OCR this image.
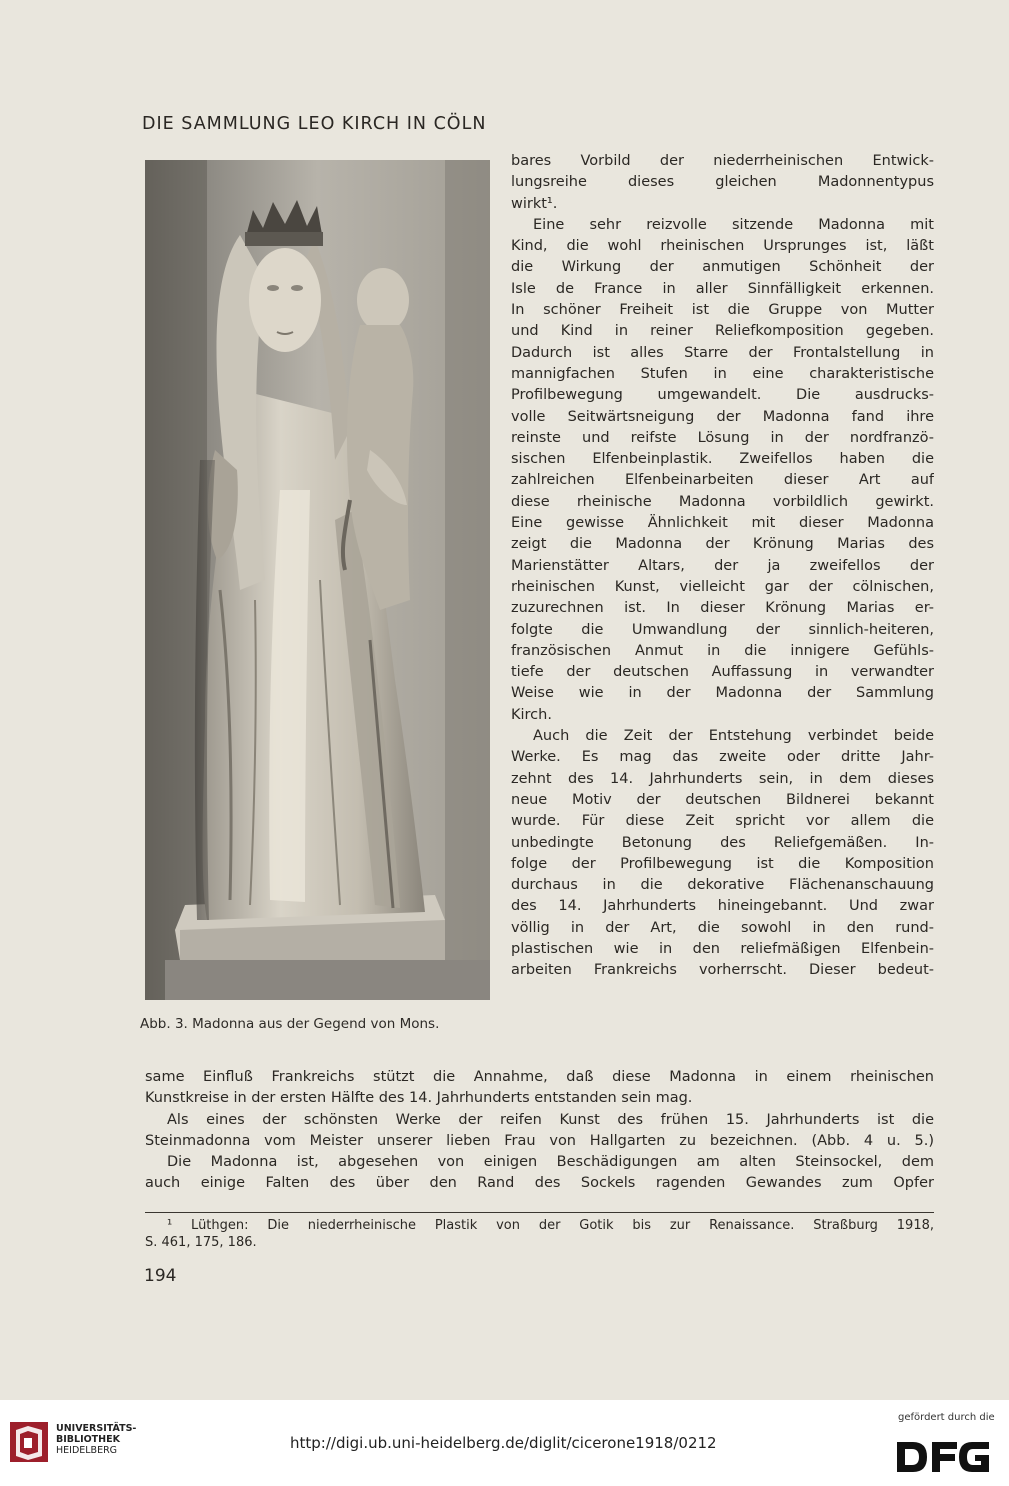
DIE SAMMLUNG LEO KIRCH IN CÖLN
Abb. 3. Madonna aus der Gegend von Mons.
bares Vorbild der niederrheinischen Entwick-
lungsreihe dieses gleichen Madonnentypus
wirkt¹.
Eine sehr reizvolle sitzende Madonna mit
Kind, die wohl rheinischen Ursprunges ist, läßt
die Wirkung der anmutigen Schönheit der
Isle de France in aller Sinnfälligkeit erkennen.
In schöner Freiheit ist die Gruppe von Mutter
und Kind in reiner Reliefkomposition gegeben.
Dadurch ist alles Starre der Frontalstellung in
mannigfachen Stufen in eine charakteristische
Profilbewegung umgewandelt. Die ausdrucks-
volle Seitwärtsneigung der Madonna fand ihre
reinste und reifste Lösung in der nordfranzö-
sischen Elfenbeinplastik. Zweifellos haben die
zahlreichen Elfenbeinarbeiten dieser Art auf
diese rheinische Madonna vorbildlich gewirkt.
Eine gewisse Ähnlichkeit mit dieser Madonna
zeigt die Madonna der Krönung Marias des
Marienstätter Altars, der ja zweifellos der
rheinischen Kunst, vielleicht gar der cölnischen,
zuzurechnen ist. In dieser Krönung Marias er-
folgte die Umwandlung der sinnlich-heiteren,
französischen Anmut in die innigere Gefühls-
tiefe der deutschen Auffassung in verwandter
Weise wie in der Madonna der Sammlung
Kirch.
Auch die Zeit der Entstehung verbindet beide
Werke. Es mag das zweite oder dritte Jahr-
zehnt des 14. Jahrhunderts sein, in dem dieses
neue Motiv der deutschen Bildnerei bekannt
wurde. Für diese Zeit spricht vor allem die
unbedingte Betonung des Reliefgemäßen. In-
folge der Profilbewegung ist die Komposition
durchaus in die dekorative Flächenanschauung
des 14. Jahrhunderts hineingebannt. Und zwar
völlig in der Art, die sowohl in den rund-
plastischen wie in den reliefmäßigen Elfenbein-
arbeiten Frankreichs vorherrscht. Dieser bedeut-
same Einfluß Frankreichs stützt die Annahme, daß diese Madonna in einem rheinischen
Kunstkreise in der ersten Hälfte des 14. Jahrhunderts entstanden sein mag.
Als eines der schönsten Werke der reifen Kunst des frühen 15. Jahrhunderts ist die
Steinmadonna vom Meister unserer lieben Frau von Hallgarten zu bezeichnen. (Abb. 4 u. 5.)
Die Madonna ist, abgesehen von einigen Beschädigungen am alten Steinsockel, dem
auch einige Falten des über den Rand des Sockels ragenden Gewandes zum Opfer
¹ Lüthgen: Die niederrheinische Plastik von der Gotik bis zur Renaissance. Straßburg 1918,
S. 461, 175, 186.
194
UNIVERSITÄTS-
BIBLIOTHEK
HEIDELBERG	http://digi.ub.uni-heidelberg.de/diglit/cicerone1918/0212
gefördert durch die
